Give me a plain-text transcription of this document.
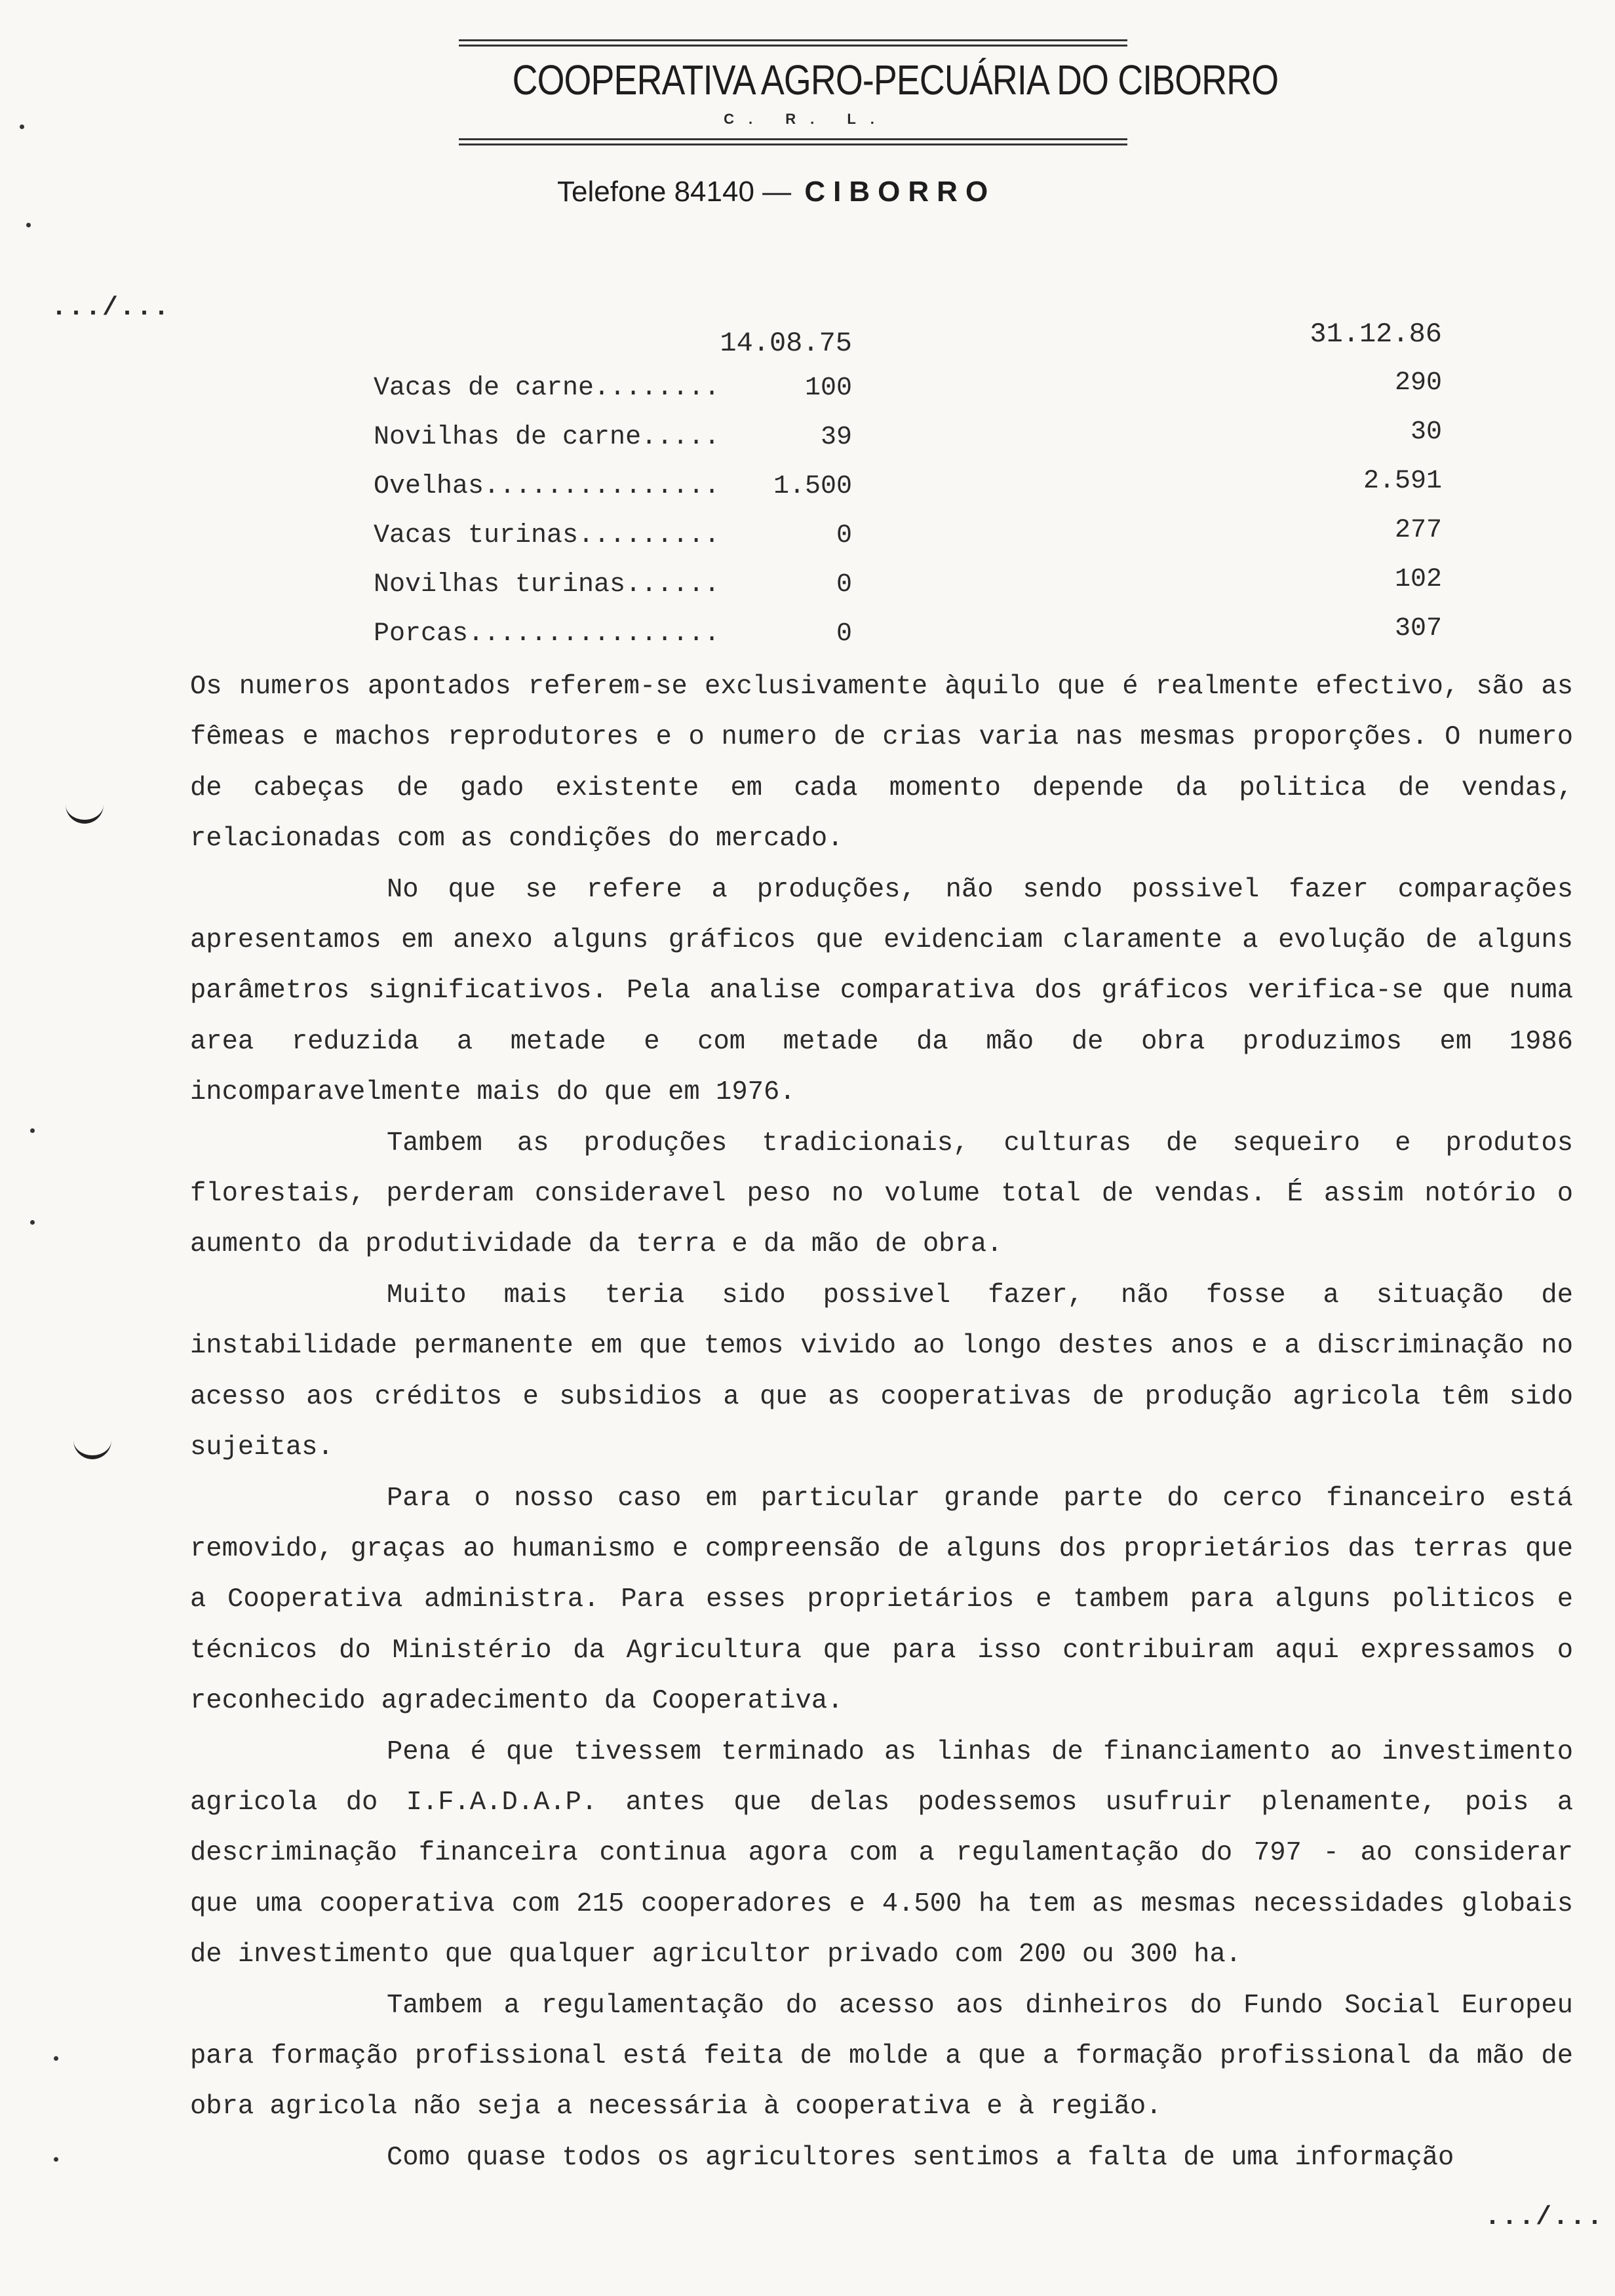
COOPERATIVA AGRO-PECUÁRIA DO CIBORRO
C. R. L.
Telefone 84140 — CIBORRO
.../...
14.08.75	31.12.86
Vacas de carne........	100	290
Novilhas de carne.....	39	30
Ovelhas............... 1.500	2.591
Vacas turinas.........	0	277
Novilhas turinas......	0	102
Porcas................	0	307

Os numeros apontados referem-se exclusivamente àquilo que é realmente efectivo, são as fêmeas e machos reprodutores e o numero de crias varia nas mesmas proporções. O numero de cabeças de gado existente em cada momento depende da politica de vendas, relacionadas com as condições do mercado.

No que se refere a produções, não sendo possivel fazer comparações apresentamos em anexo alguns gráficos que evidenciam claramente a evolução de alguns parâmetros significativos. Pela analise comparativa dos gráficos verifica-se que numa area reduzida a metade e com metade da mão de obra produzimos em 1986 incomparavelmente mais do que em 1976.

Tambem as produções tradicionais, culturas de sequeiro e produtos florestais, perderam consideravel peso no volume total de vendas. É assim notório o aumento da produtividade da terra e da mão de obra.

Muito mais teria sido possivel fazer, não fosse a situação de instabilidade permanente em que temos vivido ao longo destes anos e a discriminação no acesso aos créditos e subsidios a que as cooperativas de produção agricola têm sido sujeitas.

Para o nosso caso em particular grande parte do cerco financeiro está removido, graças ao humanismo e compreensão de alguns dos proprietários das terras que a Cooperativa administra. Para esses proprietários e tambem para alguns politicos e técnicos do Ministério da Agricultura que para isso contribuiram aqui expressamos o reconhecido agradecimento da Cooperativa.

Pena é que tivessem terminado as linhas de financiamento ao investimento agricola do I.F.A.D.A.P. antes que delas podessemos usufruir plenamente, pois a descriminação financeira continua agora com a regulamentação do 797 - ao considerar que uma cooperativa com 215 cooperadores e 4.500 ha tem as mesmas necessidades globais de investimento que qualquer agricultor privado com 200 ou 300 ha.

Tambem a regulamentação do acesso aos dinheiros do Fundo Social Europeu para formação profissional está feita de molde a que a formação profissional da mão de obra agricola não seja a necessária à cooperativa e à região.

Como quase todos os agricultores sentimos a falta de uma informação

.../...
